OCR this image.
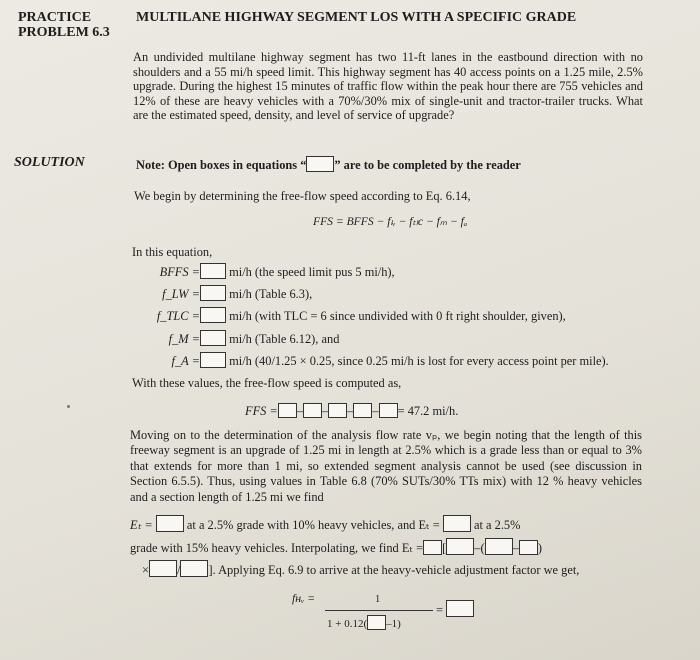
PRACTICE
PROBLEM 6.3
MULTILANE HIGHWAY SEGMENT LOS WITH A SPECIFIC GRADE
An undivided multilane highway segment has two 11-ft lanes in the eastbound direction with no shoulders and a 55 mi/h speed limit. This highway segment has 40 access points on a 1.25 mile, 2.5% upgrade. During the highest 15 minutes of traffic flow within the peak hour there are 755 vehicles and 12% of these are heavy vehicles with a 70%/30% mix of single-unit and tractor-trailer trucks. What are the estimated speed, density, and level of service of upgrade?
SOLUTION	Note: Open boxes in equations “ ” are to be completed by the reader
We begin by determining the free-flow speed according to Eq. 6.14,
FFS = BFFS − fₗᵥ − fₜₗc − fₘ − fₐ
In this equation,
BFFS = mi/h (the speed limit pus 5 mi/h),
f_LW = mi/h (Table 6.3),
f_TLC = mi/h (with TLC = 6 since undivided with 0 ft right shoulder, given),
f_M = mi/h (Table 6.12), and
f_A = mi/h (40/1.25 × 0.25, since 0.25 mi/h is lost for every access point per mile).
With these values, the free-flow speed is computed as,
FFS = – – – – = 47.2 mi/h.
Moving on to the determination of the analysis flow rate vₚ, we begin noting that the length of this freeway segment is an upgrade of 1.25 mi in length at 2.5% which is a grade less than or equal to 3% that extends for more than 1 mi, so extended segment analysis cannot be used (see discussion in Section 6.5.5). Thus, using values in Table 6.8 (70% SUTs/30% TTs mix) with 12 % heavy vehicles and a section length of 1.25 mi we find
Eₜ =	at a 2.5% grade with 10% heavy vehicles, and Eₜ =	at a 2.5%
grade with 15% heavy vehicles. Interpolating, we find Eₜ = [ –( – )
× / ]. Applying Eq. 6.9 to arrive at the heavy-vehicle adjustment factor we get,
fʜᵥ =	1
1 + 0.12( –1)
=
